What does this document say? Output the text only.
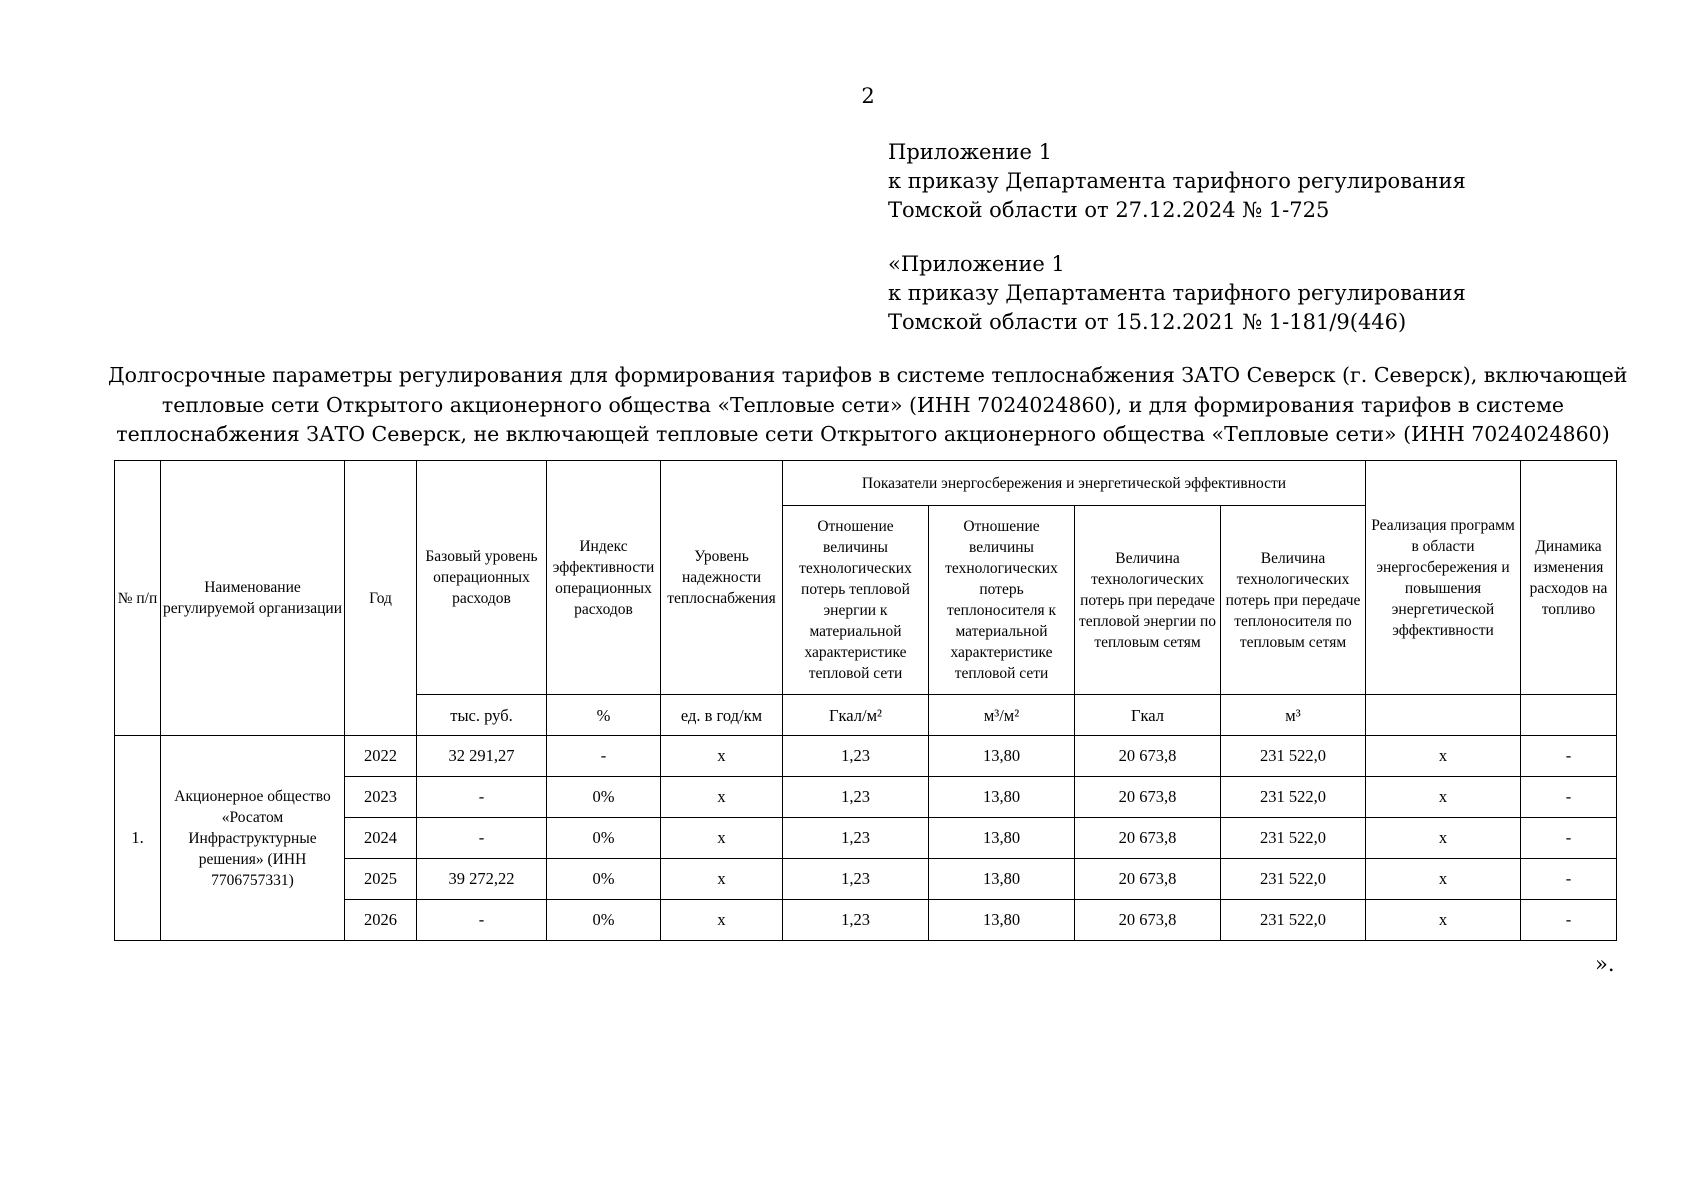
2
Приложение 1
к приказу Департамента тарифного регулирования
Томской области от 27.12.2024 № 1-725
«Приложение 1
к приказу Департамента тарифного регулирования
Томской области от 15.12.2021 № 1-181/9(446)
Долгосрочные параметры регулирования для формирования тарифов в системе теплоснабжения ЗАТО Северск (г. Северск), включающей
тепловые сети Открытого акционерного общества «Тепловые сети» (ИНН 7024024860), и для формирования тарифов в системе
теплоснабжения ЗАТО Северск, не включающей тепловые сети Открытого акционерного общества «Тепловые сети» (ИНН 7024024860)
№ п/п	Наименование регулируемой организации	Год	Базовый уровень операционных расходов	Индекс эффективности операционных расходов	Уровень надежности теплоснабжения	Показатели энергосбережения и энергетической эффективности				Реализация программ в области энергосбережения и повышения энергетической эффективности	Динамика изменения расходов на топливо
						Отношение величины технологических потерь тепловой энергии к материальной характеристике тепловой сети	Отношение величины технологических потерь теплоносителя к материальной характеристике тепловой сети	Величина технологических потерь при передаче тепловой энергии по тепловым сетям	Величина технологических потерь при передаче теплоносителя по тепловым сетям		
			тыс. руб.	%	ед. в год/км	Гкал/м²	м³/м²	Гкал	м³		
1.	Акционерное общество «Росатом Инфраструктурные решения» (ИНН 7706757331)	2022	32 291,27	-	х	1,23	13,80	20 673,8	231 522,0	х	-
		2023	-	0%	х	1,23	13,80	20 673,8	231 522,0	х	-
		2024	-	0%	х	1,23	13,80	20 673,8	231 522,0	х	-
		2025	39 272,22	0%	х	1,23	13,80	20 673,8	231 522,0	х	-
		2026	-	0%	х	1,23	13,80	20 673,8	231 522,0	х	-
».
